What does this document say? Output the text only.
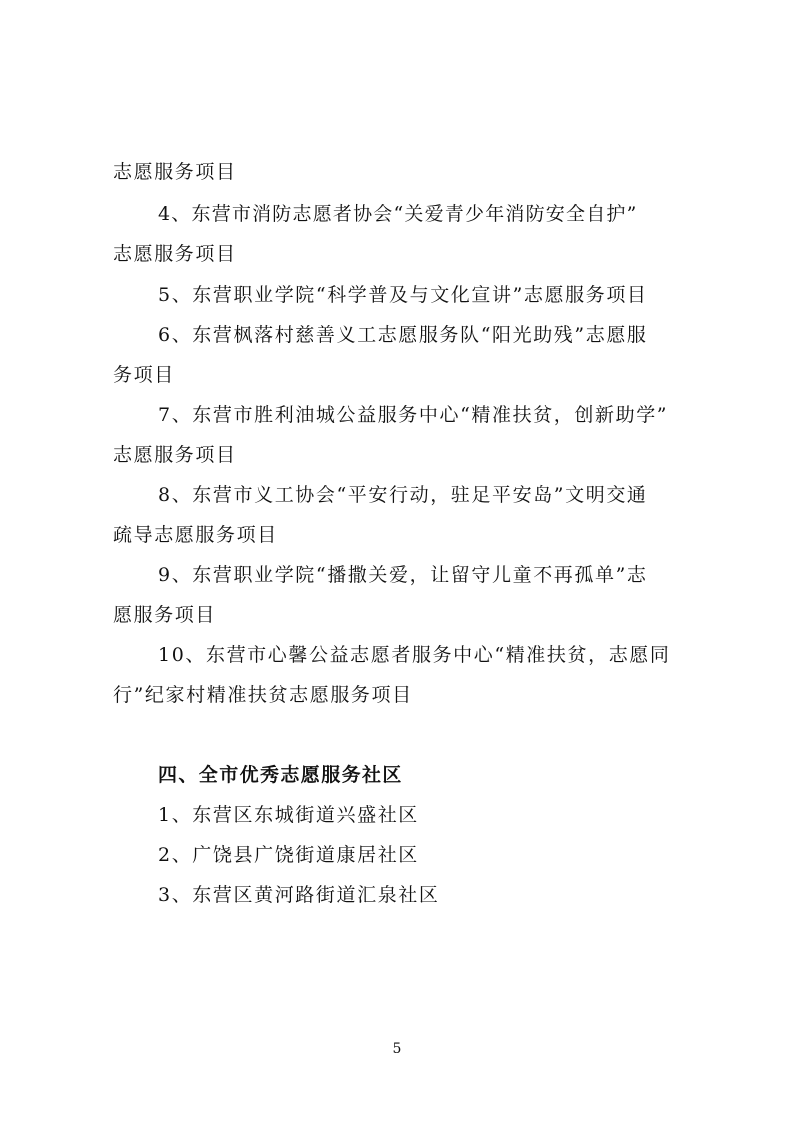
志愿服务项目
4、东营市消防志愿者协会“关爱青少年消防安全自护”
志愿服务项目
5、东营职业学院“科学普及与文化宣讲”志愿服务项目
6、东营枫落村慈善义工志愿服务队“阳光助残”志愿服
务项目
7、东营市胜利油城公益服务中心“精准扶贫，创新助学”
志愿服务项目
8、东营市义工协会“平安行动，驻足平安岛”文明交通
疏导志愿服务项目
9、东营职业学院“播撒关爱，让留守儿童不再孤单”志
愿服务项目
10、东营市心馨公益志愿者服务中心“精准扶贫，志愿同
行”纪家村精准扶贫志愿服务项目
四、全市优秀志愿服务社区
1、东营区东城街道兴盛社区
2、广饶县广饶街道康居社区
3、东营区黄河路街道汇泉社区
5
